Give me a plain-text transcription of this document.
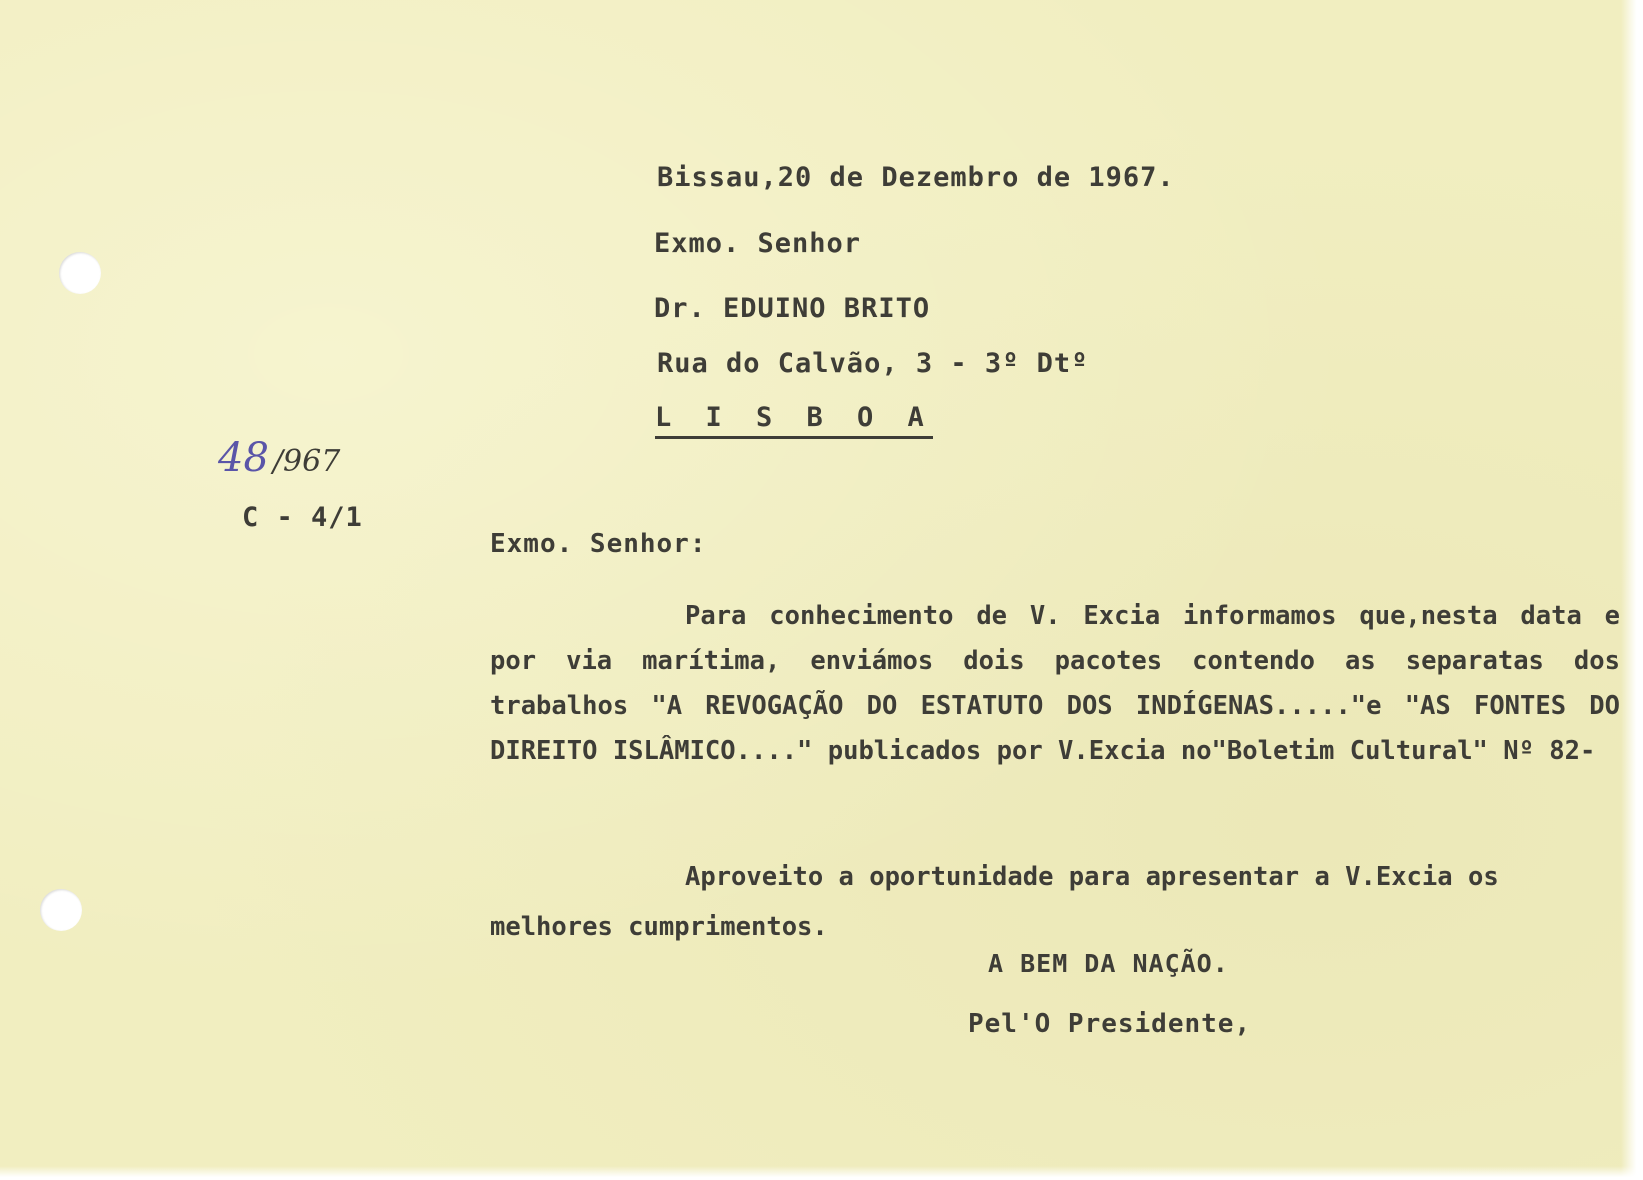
Bissau,20 de Dezembro de 1967.
Exmo. Senhor
Dr. EDUINO BRITO
Rua do Calvão, 3 - 3º Dtº
L I S B O A
48 /967
C - 4/1
Exmo. Senhor:
Para conhecimento de V. Excia informamos que,nesta data e por via marítima, enviámos dois pacotes contendo as separatas dos trabalhos "A REVOGAÇÃO DO ESTATUTO DOS INDÍGENAS....."e "AS FONTES DO DIREITO ISLÂMICO...." publicados por V.Excia no"Boletim Cultural" Nº 82-
Aproveito a oportunidade para apresentar a V.Excia os melhores cumprimentos.
A BEM DA NAÇÃO.
Pel'O Presidente,
